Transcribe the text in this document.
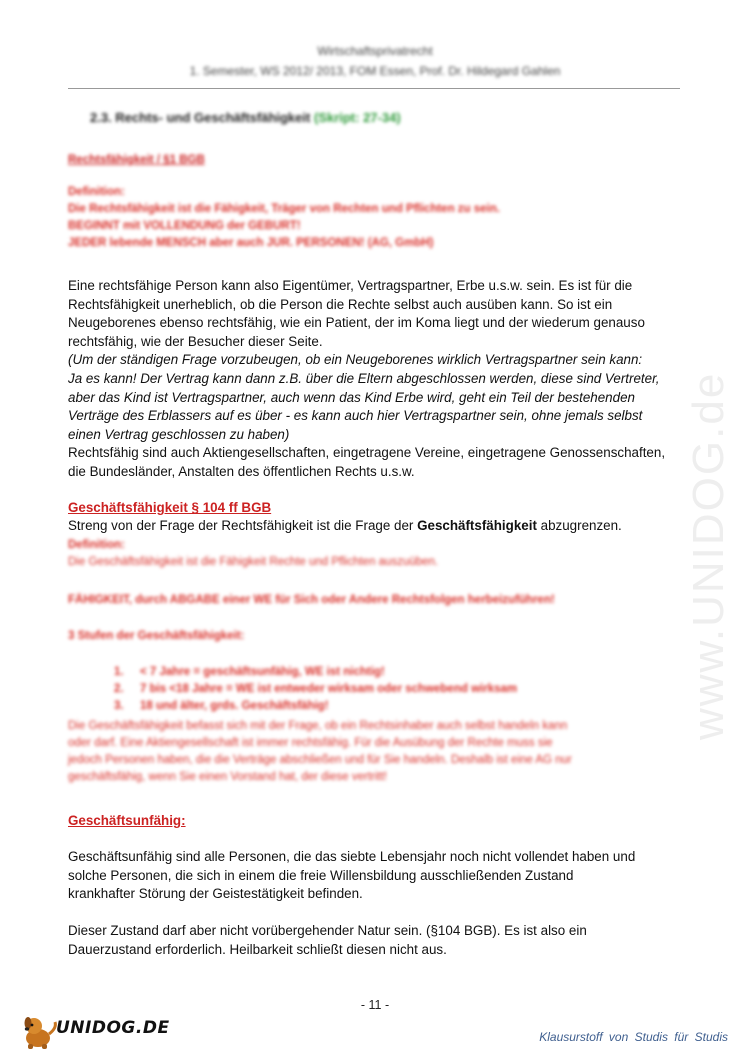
Wirtschaftsprivatrecht
1. Semester, WS 2012/ 2013, FOM Essen, Prof. Dr. Hildegard Gahlen
2.3. Rechts- und Geschäftsfähigkeit (Skript: 27-34)
Rechtsfähigkeit / §1 BGB
Definition:
Die Rechtsfähigkeit ist die Fähigkeit, Träger von Rechten und Pflichten zu sein.
BEGINNT mit VOLLENDUNG der GEBURT!
JEDER lebende MENSCH aber auch JUR. PERSONEN! (AG, GmbH)
Eine rechtsfähige Person kann also Eigentümer, Vertragspartner, Erbe u.s.w. sein. Es ist für die
Rechtsfähigkeit unerheblich, ob die Person die Rechte selbst auch ausüben kann. So ist ein
Neugeborenes ebenso rechtsfähig, wie ein Patient, der im Koma liegt und der wiederum genauso
rechtsfähig, wie der Besucher dieser Seite.
(Um der ständigen Frage vorzubeugen, ob ein Neugeborenes wirklich Vertragspartner sein kann:
Ja es kann! Der Vertrag kann dann z.B. über die Eltern abgeschlossen werden, diese sind Vertreter,
aber das Kind ist Vertragspartner, auch wenn das Kind Erbe wird, geht ein Teil der bestehenden
Verträge des Erblassers auf es über - es kann auch hier Vertragspartner sein, ohne jemals selbst
einen Vertrag geschlossen zu haben)
Rechtsfähig sind auch Aktiengesellschaften, eingetragene Vereine, eingetragene Genossenschaften,
die Bundesländer, Anstalten des öffentlichen Rechts u.s.w.
Geschäftsfähigkeit § 104 ff BGB
Streng von der Frage der Rechtsfähigkeit ist die Frage der Geschäftsfähigkeit abzugrenzen.
Definition:
Die Geschäftsfähigkeit ist die Fähigkeit Rechte und Pflichten auszuüben.
FÄHIGKEIT, durch ABGABE einer WE für Sich oder Andere Rechtsfolgen herbeizuführen!
3 Stufen der Geschäftsfähigkeit:
1. < 7 Jahre = geschäftsunfähig, WE ist nichtig!
2. 7 bis <18 Jahre = WE ist entweder wirksam oder schwebend wirksam
3. 18 und älter, grds. Geschäftsfähig!
Die Geschäftsfähigkeit befasst sich mit der Frage, ob ein Rechtsinhaber auch selbst handeln kann
oder darf. Eine Aktiengesellschaft ist immer rechtsfähig. Für die Ausübung der Rechte muss sie
jedoch Personen haben, die die Verträge abschließen und für Sie handeln. Deshalb ist eine AG nur
geschäftsfähig, wenn Sie einen Vorstand hat, der diese vertritt!
Geschäftsunfähig:
Geschäftsunfähig sind alle Personen, die das siebte Lebensjahr noch nicht vollendet haben und
solche Personen, die sich in einem die freie Willensbildung ausschließenden Zustand
krankhafter Störung der Geistestätigkeit befinden.
Dieser Zustand darf aber nicht vorübergehender Natur sein. (§104 BGB). Es ist also ein
Dauerzustand erforderlich. Heilbarkeit schließt diesen nicht aus.
www.UNIDOG.de
- 11 -
UNIDOG.DE	Klausurstoff von Studis für Studis
